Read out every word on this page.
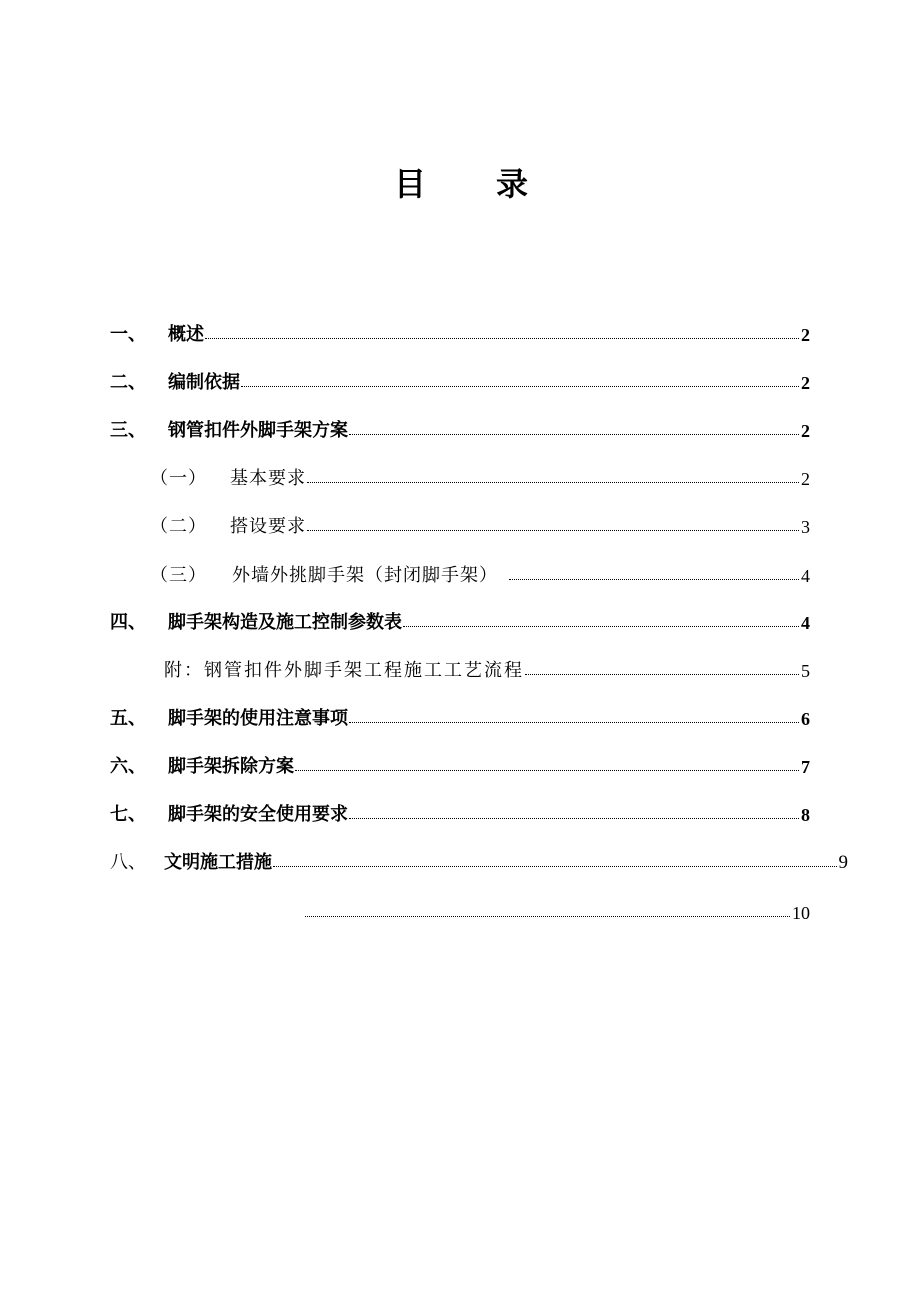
目 录
一、	概述	2
二、	编制依据	2
三、	钢管扣件外脚手架方案	2
（一）	基本要求	2
（二）	搭设要求	3
（三）	外墙外挑脚手架（封闭脚手架）	4
四、	脚手架构造及施工控制参数表	4
附：钢管扣件外脚手架工程施工工艺流程	5
五、	脚手架的使用注意事项	6
六、	脚手架拆除方案	7
七、	脚手架的安全使用要求	8
八、	文明施工措施	9
10
